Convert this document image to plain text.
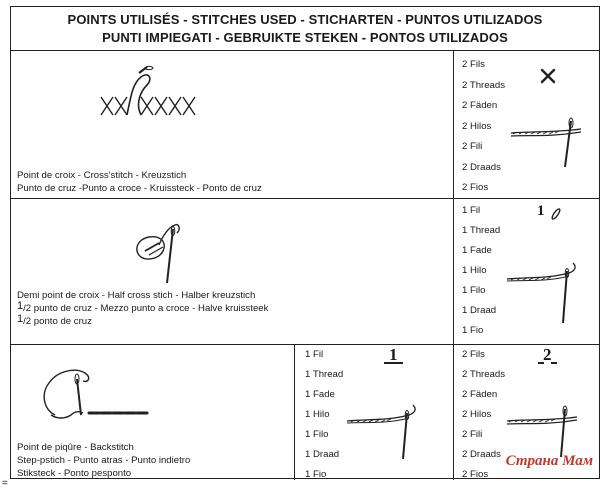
POINTS UTILISÉS - STITCHES USED - STICHARTEN - PUNTOS UTILIZADOS
PUNTI IMPIEGATI - GEBRUIKTE STEKEN - PONTOS UTILIZADOS
Point de croix - Cross'stitch - Kreuzstich
Punto de cruz -Punto a croce - Kruissteck - Ponto de cruz
2 Fils
2 Threads
2 Fäden
2 Hilos
2 Fili
2 Draads
2 Fios
1
Demi point de croix - Half cross stich - Halber kreuzstich
$^1$/2 punto de cruz - Mezzo punto a croce - Halve kruissteek
$^1$/2 ponto de cruz
1 Fil
1 Thread
1 Fade
1 Hilo
1 Filo
1 Draad
1 Fio
1	2
Point de piqûre - Backstitch
Step-pstich - Punto atras - Punto indietro
Stiksteck - Ponto pesponto
1 Fil
1 Thread
1 Fade
1 Hilo
1 Filo
1 Draad
1 Fio
2 Fils
2 Threads
2 Fäden
2 Hilos
2 Fili
2 Draads
2 Fios
Страна Мам
=
